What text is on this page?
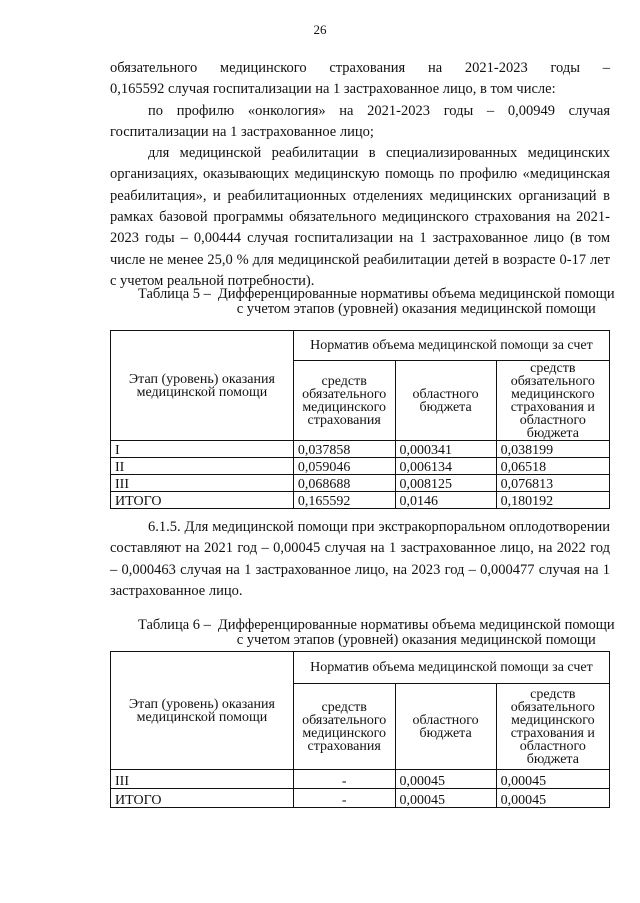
26

обязательного медицинского страхования на 2021-2023 годы –

0,165592 случая госпитализации на 1 застрахованное лицо, в том числе:

по профилю «онкология» на 2021-2023 годы – 0,00949 случая госпитализации на 1 застрахованное лицо;

для медицинской реабилитации в специализированных медицинских организациях, оказывающих медицинскую помощь по профилю «медицинская реабилитация», и реабилитационных отделениях медицинских организаций в рамках базовой программы обязательного медицинского страхования на 2021-2023 годы – 0,00444 случая госпитализации на 1 застрахованное лицо (в том числе не менее 25,0 % для медицинской реабилитации детей в возрасте 0-17 лет с учетом реальной потребности).

Таблица 5 – Дифференцированные нормативы объема медицинской помощи с учетом этапов (уровней) оказания медицинской помощи
Этап (уровень) оказания медицинской помощи	Норматив объема медицинской помощи за счет		
	средств обязательного медицинского страхования	областного бюджета	средств обязательного медицинского страхования и областного бюджета
I	0,037858	0,000341	0,038199
II	0,059046	0,006134	0,06518
III	0,068688	0,008125	0,076813
ИТОГО	0,165592	0,0146	0,180192

6.1.5. Для медицинской помощи при экстракорпоральном оплодотворении составляют на 2021 год – 0,00045 случая на 1 застрахованное лицо, на 2022 год – 0,000463 случая на 1 застрахованное лицо, на 2023 год – 0,000477 случая на 1 застрахованное лицо.

Таблица 6 – Дифференцированные нормативы объема медицинской помощи с учетом этапов (уровней) оказания медицинской помощи
Этап (уровень) оказания медицинской помощи	Норматив объема медицинской помощи за счет		
	средств обязательного медицинского страхования	областного бюджета	средств обязательного медицинского страхования и областного бюджета
III	-	0,00045	0,00045
ИТОГО	-	0,00045	0,00045
